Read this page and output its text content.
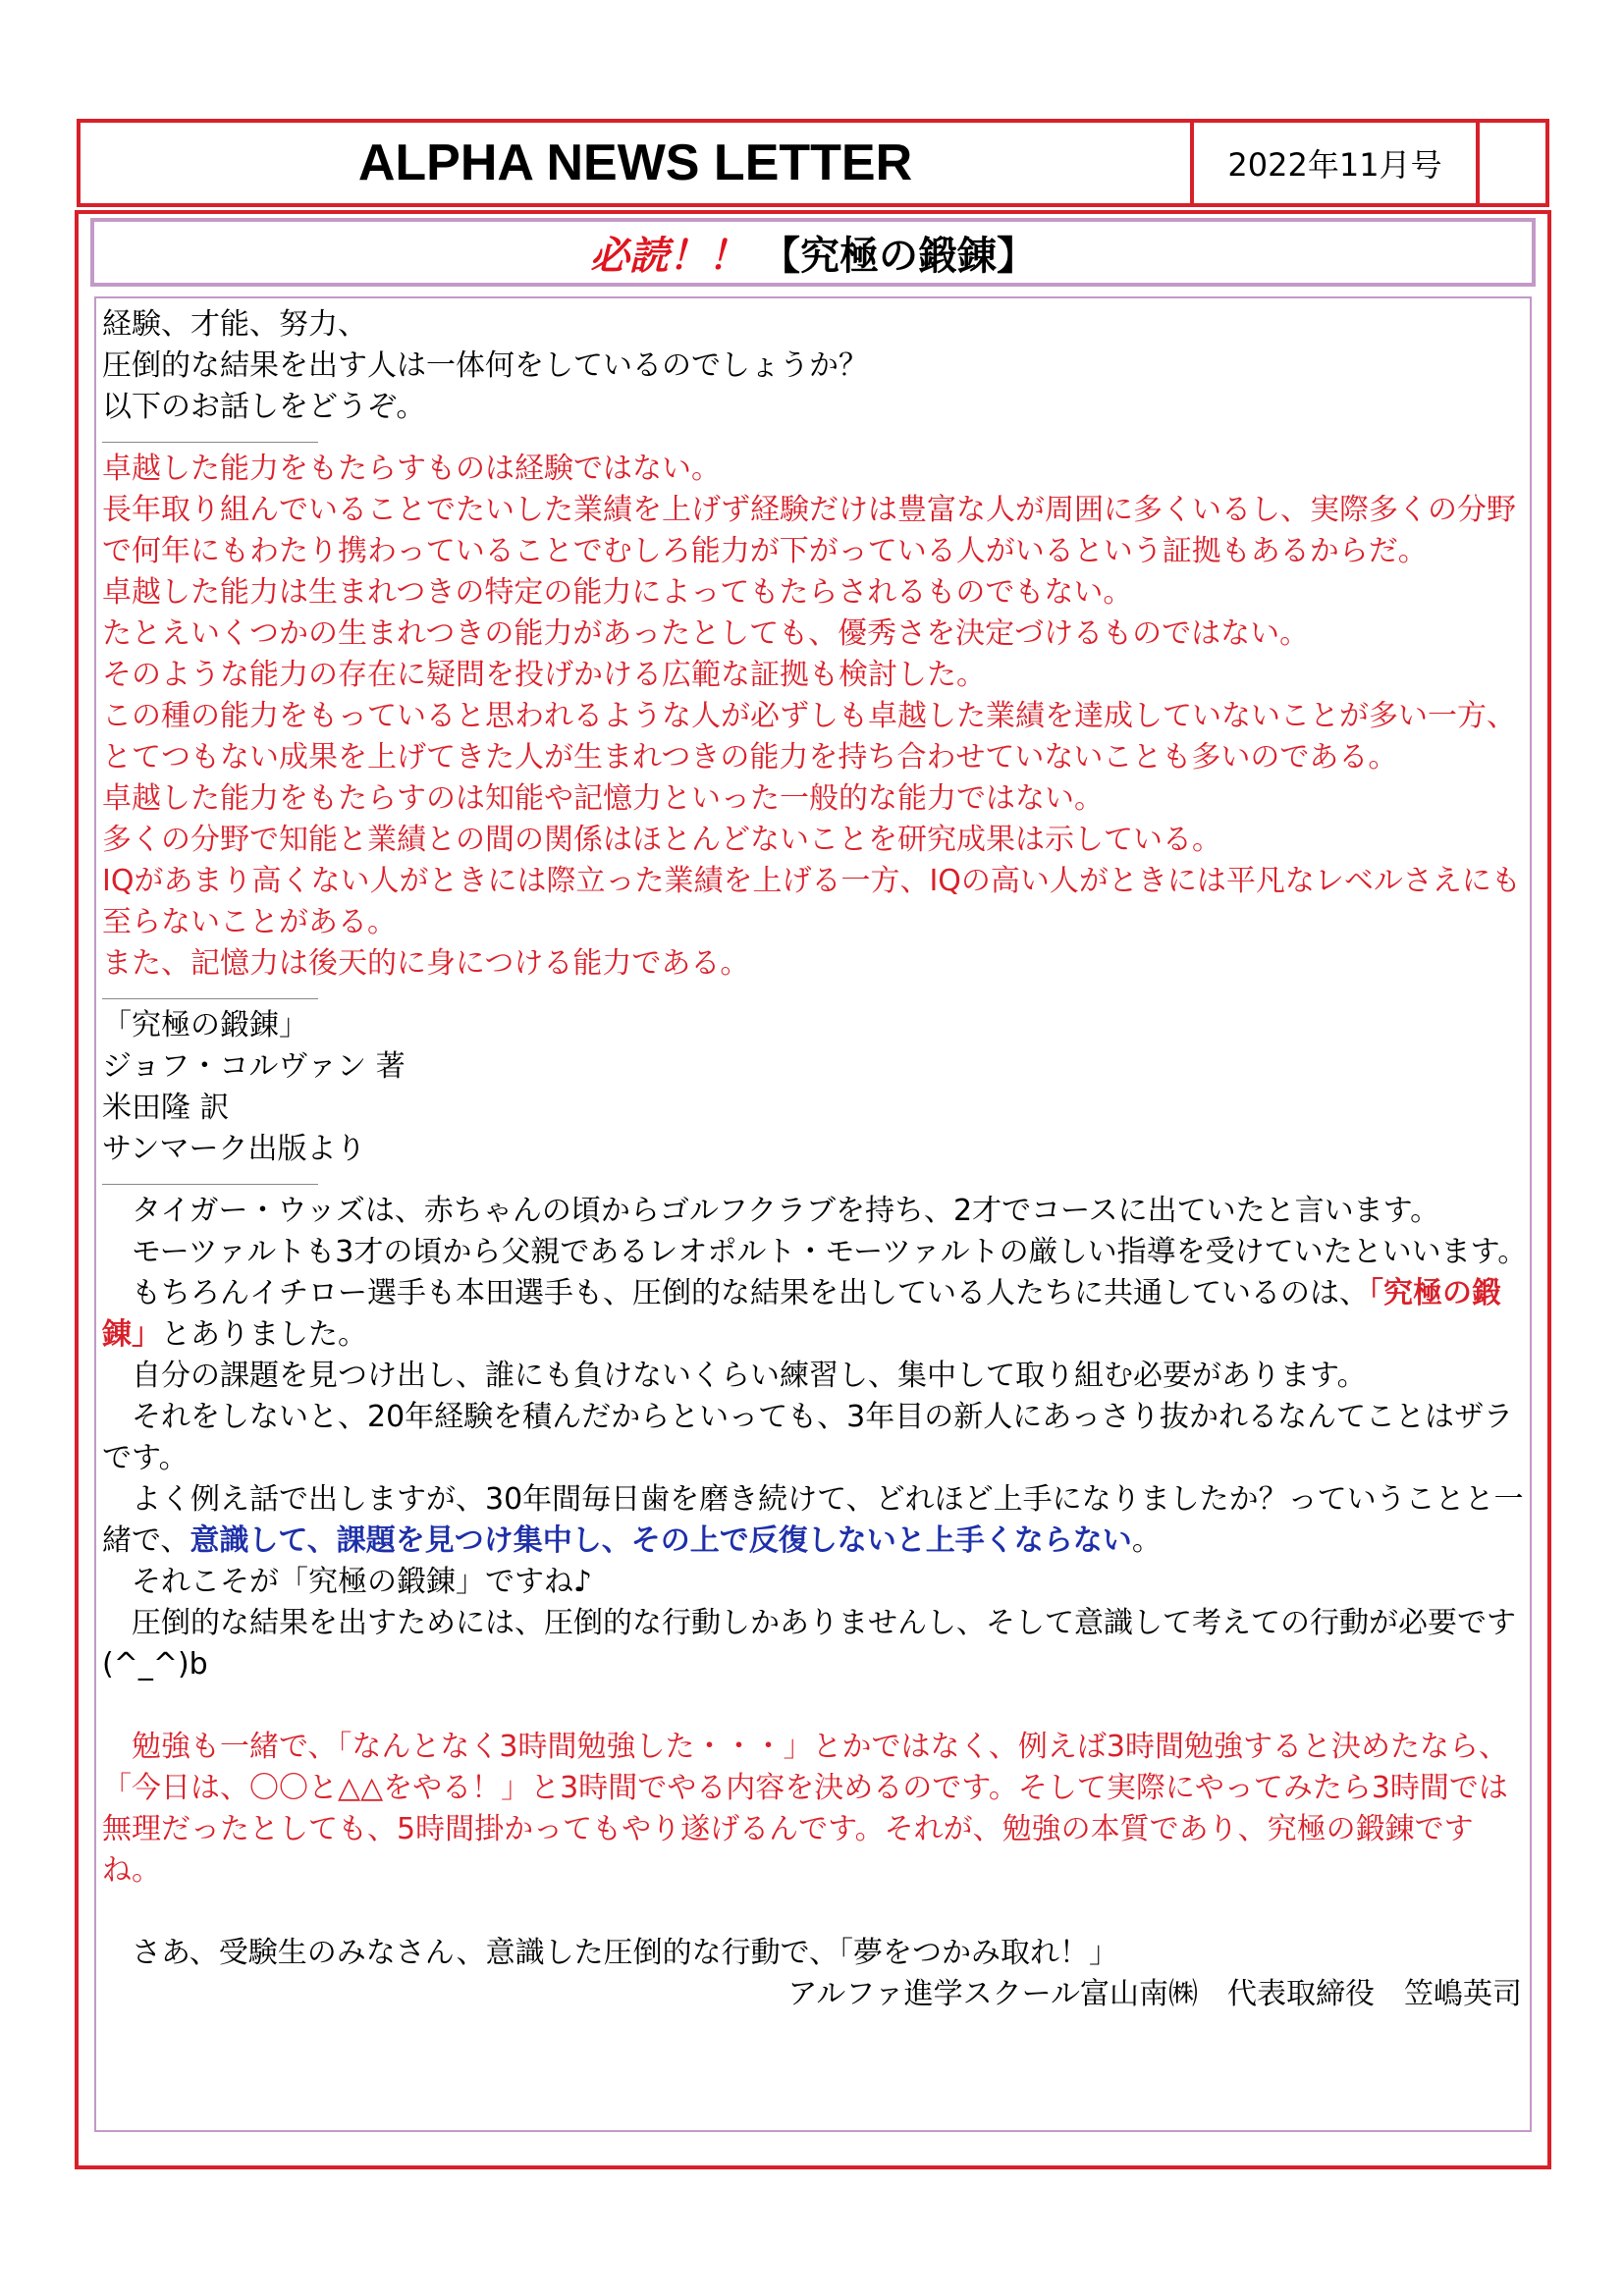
ALPHA NEWS LETTER	2022年11月号
必読！！ 【究極の鍛錬】

経験、才能、努力、

圧倒的な結果を出す人は一体何をしているのでしょうか？

以下のお話しをどうぞ。

卓越した能力をもたらすものは経験ではない。

長年取り組んでいることでたいした業績を上げず経験だけは豊富な人が周囲に多くいるし、実際多くの分野で何年にもわたり携わっていることでむしろ能力が下がっている人がいるという証拠もあるからだ。

卓越した能力は生まれつきの特定の能力によってもたらされるものでもない。

たとえいくつかの生まれつきの能力があったとしても、優秀さを決定づけるものではない。

そのような能力の存在に疑問を投げかける広範な証拠も検討した。

この種の能力をもっていると思われるような人が必ずしも卓越した業績を達成していないことが多い一方、とてつもない成果を上げてきた人が生まれつきの能力を持ち合わせていないことも多いのである。

卓越した能力をもたらすのは知能や記憶力といった一般的な能力ではない。

多くの分野で知能と業績との間の関係はほとんどないことを研究成果は示している。

IQがあまり高くない人がときには際立った業績を上げる一方、IQの高い人がときには平凡なレベルさえにも至らないことがある。

また、記憶力は後天的に身につける能力である。

「究極の鍛錬」

ジョフ・コルヴァン 著

米田隆 訳

サンマーク出版より

　タイガー・ウッズは、赤ちゃんの頃からゴルフクラブを持ち、2才でコースに出ていたと言います。

　モーツァルトも3才の頃から父親であるレオポルト・モーツァルトの厳しい指導を受けていたといいます。

　もちろんイチロー選手も本田選手も、圧倒的な結果を出している人たちに共通しているのは、「究極の鍛錬」とありました。

　自分の課題を見つけ出し、誰にも負けないくらい練習し、集中して取り組む必要があります。

　それをしないと、20年経験を積んだからといっても、3年目の新人にあっさり抜かれるなんてことはザラです。

　よく例え話で出しますが、30年間毎日歯を磨き続けて、どれほど上手になりましたか？っていうことと一緒で、意識して、課題を見つけ集中し、その上で反復しないと上手くならない。

　それこそが「究極の鍛錬」ですね♪

　圧倒的な結果を出すためには、圧倒的な行動しかありませんし、そして意識して考えての行動が必要です(^_^)b

　勉強も一緒で、「なんとなく3時間勉強した・・・」とかではなく、例えば3時間勉強すると決めたなら、「今日は、〇〇と△△をやる！」と3時間でやる内容を決めるのです。そして実際にやってみたら3時間では無理だったとしても、5時間掛かってもやり遂げるんです。それが、勉強の本質であり、究極の鍛錬ですね。

　さあ、受験生のみなさん、意識した圧倒的な行動で、「夢をつかみ取れ！」

アルファ進学スクール富山南㈱　代表取締役　笠嶋英司
